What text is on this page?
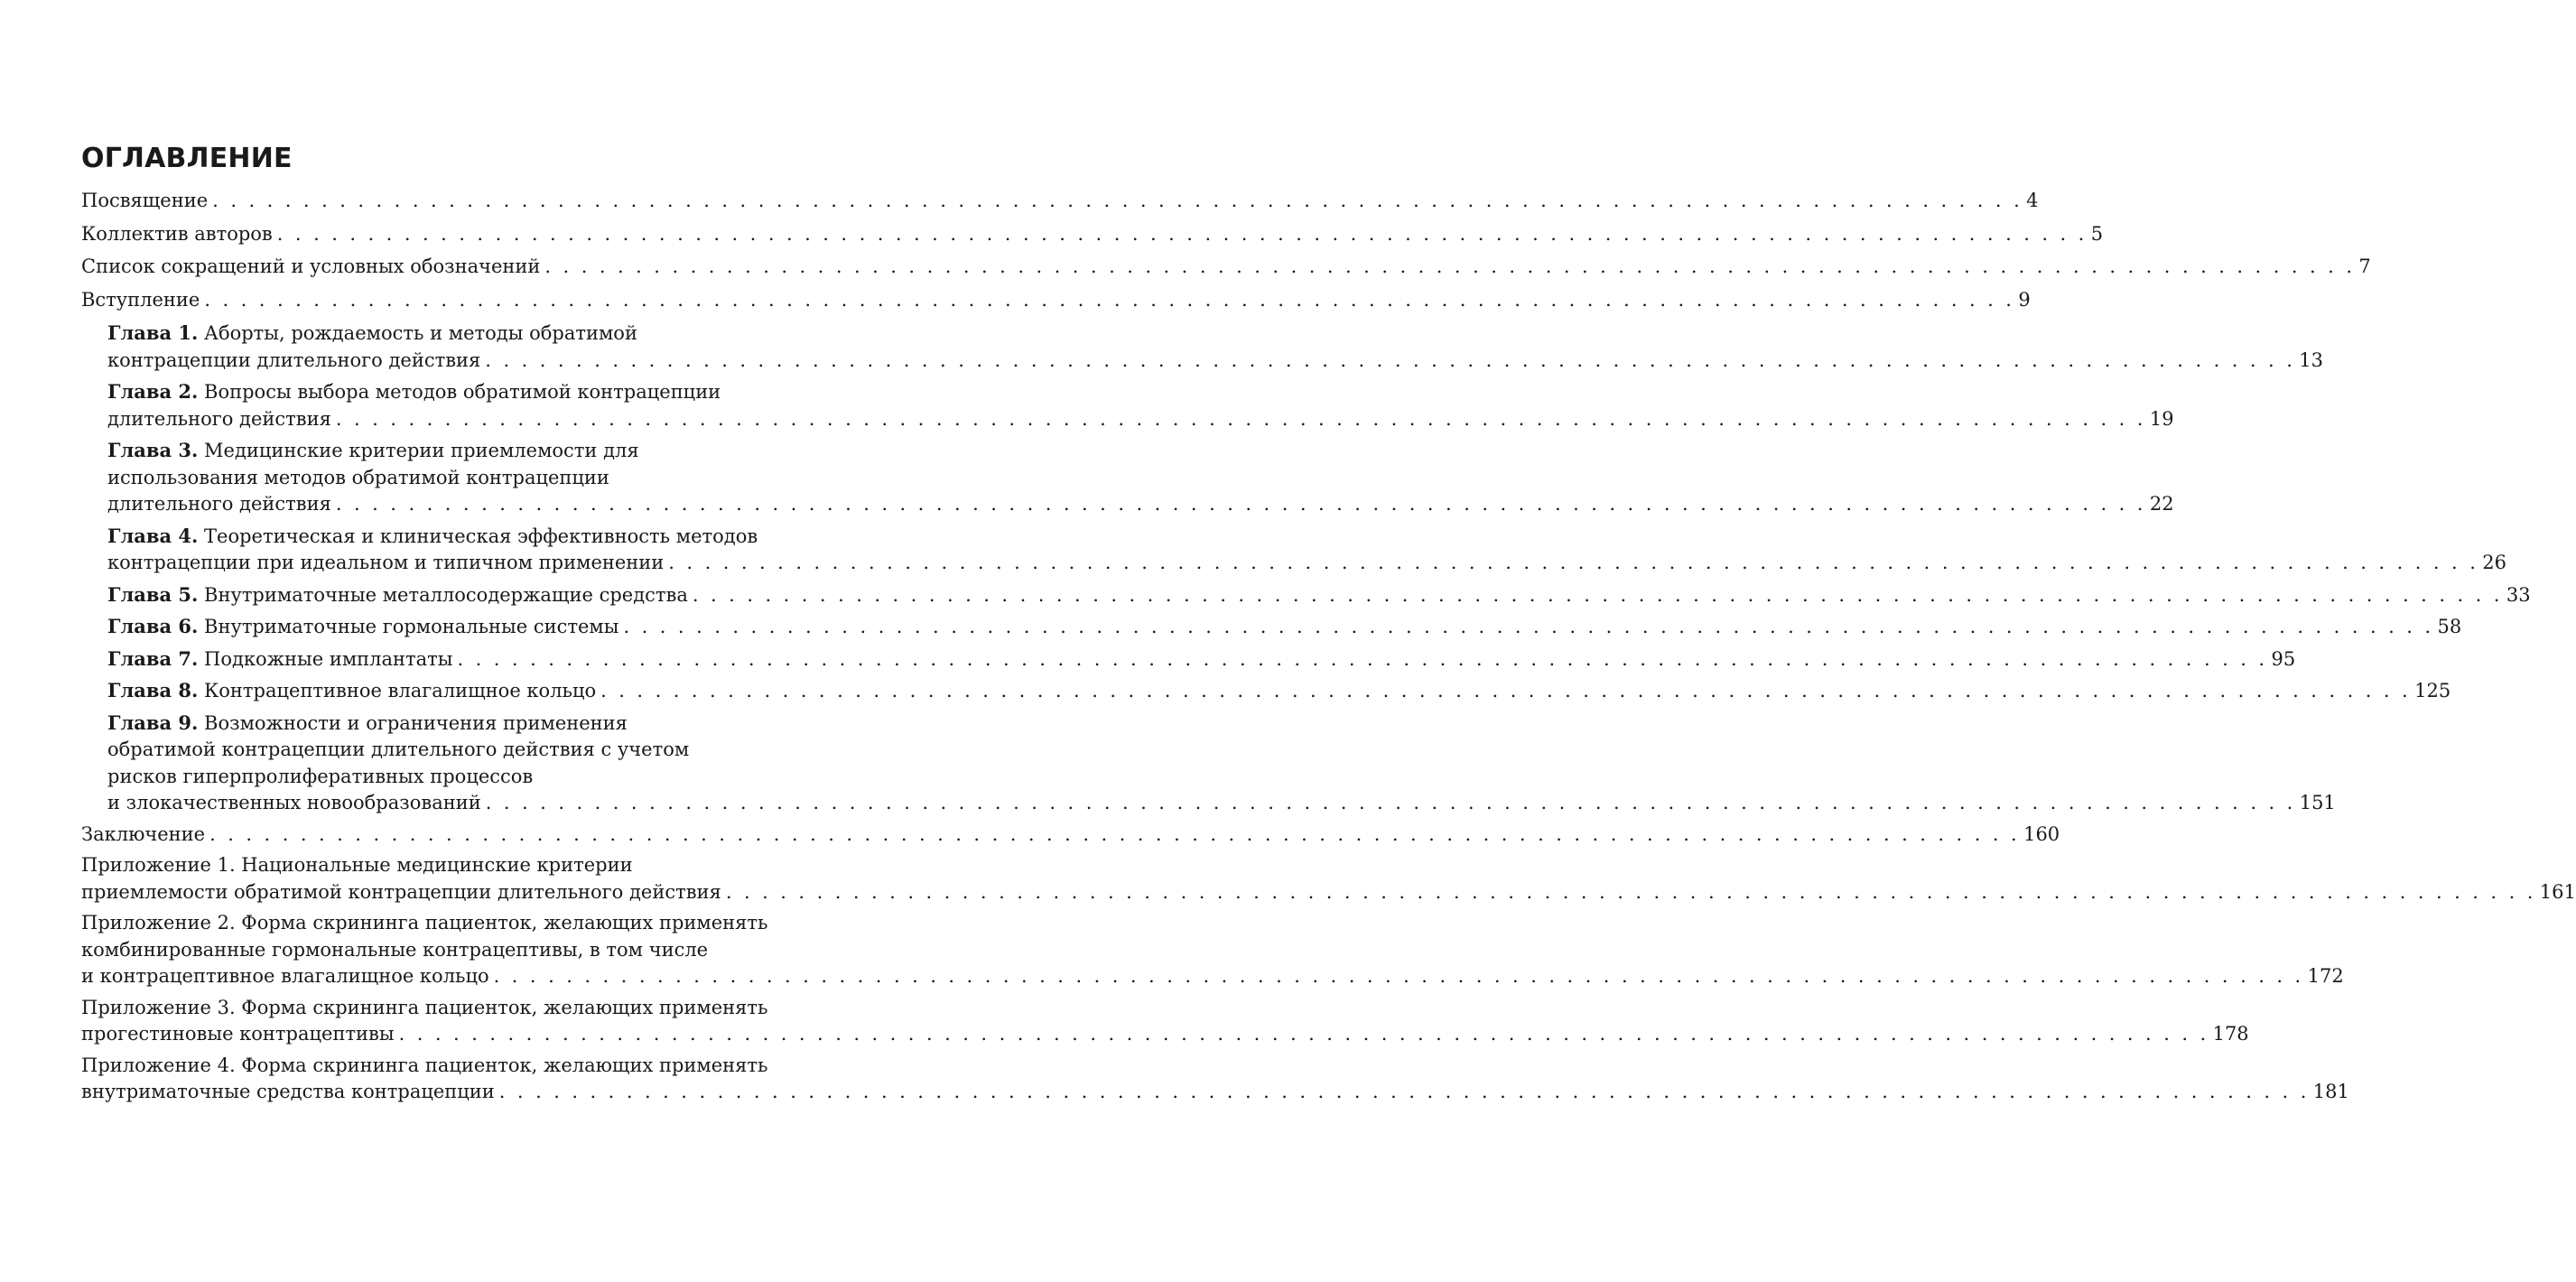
ОГЛАВЛЕНИЕ
Посвящение . . . . . . . . . . . . . . . . . . . . . . . . . . . . . . . . . . . . . . . . . . . . . . . . . . . . . . . . . . . . . . . . . . . . . . . . . . . . . . . . . . . . . . . . . . . . . . . . . . . . 4
Коллектив авторов . . . . . . . . . . . . . . . . . . . . . . . . . . . . . . . . . . . . . . . . . . . . . . . . . . . . . . . . . . . . . . . . . . . . . . . . . . . . . . . . . . . . . . . . . . . . . . . . . . . . 5
Список сокращений и условных обозначений . . . . . . . . . . . . . . . . . . . . . . . . . . . . . . . . . . . . . . . . . . . . . . . . . . . . . . . . . . . . . . . . . . . . . . . . . . . . . . . . . . . . . . . . . . . . . . . . . . . . 7
Вступление . . . . . . . . . . . . . . . . . . . . . . . . . . . . . . . . . . . . . . . . . . . . . . . . . . . . . . . . . . . . . . . . . . . . . . . . . . . . . . . . . . . . . . . . . . . . . . . . . . . . 9
Глава 1. Аборты, рождаемость и методы обратимой
контрацепции длительного действия . . . . . . . . . . . . . . . . . . . . . . . . . . . . . . . . . . . . . . . . . . . . . . . . . . . . . . . . . . . . . . . . . . . . . . . . . . . . . . . . . . . . . . . . . . . . . . . . . . . . 13
Глава 2. Вопросы выбора методов обратимой контрацепции
длительного действия . . . . . . . . . . . . . . . . . . . . . . . . . . . . . . . . . . . . . . . . . . . . . . . . . . . . . . . . . . . . . . . . . . . . . . . . . . . . . . . . . . . . . . . . . . . . . . . . . . . . 19
Глава 3. Медицинские критерии приемлемости для
использования методов обратимой контрацепции
длительного действия . . . . . . . . . . . . . . . . . . . . . . . . . . . . . . . . . . . . . . . . . . . . . . . . . . . . . . . . . . . . . . . . . . . . . . . . . . . . . . . . . . . . . . . . . . . . . . . . . . . . 22
Глава 4. Теоретическая и клиническая эффективность методов
контрацепции при идеальном и типичном применении . . . . . . . . . . . . . . . . . . . . . . . . . . . . . . . . . . . . . . . . . . . . . . . . . . . . . . . . . . . . . . . . . . . . . . . . . . . . . . . . . . . . . . . . . . . . . . . . . . . . 26
Глава 5. Внутриматочные металлосодержащие средства . . . . . . . . . . . . . . . . . . . . . . . . . . . . . . . . . . . . . . . . . . . . . . . . . . . . . . . . . . . . . . . . . . . . . . . . . . . . . . . . . . . . . . . . . . . . . . . . . . . . 33
Глава 6. Внутриматочные гормональные системы . . . . . . . . . . . . . . . . . . . . . . . . . . . . . . . . . . . . . . . . . . . . . . . . . . . . . . . . . . . . . . . . . . . . . . . . . . . . . . . . . . . . . . . . . . . . . . . . . . . . 58
Глава 7. Подкожные имплантаты . . . . . . . . . . . . . . . . . . . . . . . . . . . . . . . . . . . . . . . . . . . . . . . . . . . . . . . . . . . . . . . . . . . . . . . . . . . . . . . . . . . . . . . . . . . . . . . . . . . . 95
Глава 8. Контрацептивное влагалищное кольцо . . . . . . . . . . . . . . . . . . . . . . . . . . . . . . . . . . . . . . . . . . . . . . . . . . . . . . . . . . . . . . . . . . . . . . . . . . . . . . . . . . . . . . . . . . . . . . . . . . . . 125
Глава 9. Возможности и ограничения применения
обратимой контрацепции длительного действия с учетом
рисков гиперпролиферативных процессов
и злокачественных новообразований . . . . . . . . . . . . . . . . . . . . . . . . . . . . . . . . . . . . . . . . . . . . . . . . . . . . . . . . . . . . . . . . . . . . . . . . . . . . . . . . . . . . . . . . . . . . . . . . . . . . 151
Заключение . . . . . . . . . . . . . . . . . . . . . . . . . . . . . . . . . . . . . . . . . . . . . . . . . . . . . . . . . . . . . . . . . . . . . . . . . . . . . . . . . . . . . . . . . . . . . . . . . . . . 160
Приложение 1. Национальные медицинские критерии
приемлемости обратимой контрацепции длительного действия . . . . . . . . . . . . . . . . . . . . . . . . . . . . . . . . . . . . . . . . . . . . . . . . . . . . . . . . . . . . . . . . . . . . . . . . . . . . . . . . . . . . . . . . . . . . . . . . . . . . 161
Приложение 2. Форма скрининга пациенток, желающих применять
комбинированные гормональные контрацептивы, в том числе
и контрацептивное влагалищное кольцо . . . . . . . . . . . . . . . . . . . . . . . . . . . . . . . . . . . . . . . . . . . . . . . . . . . . . . . . . . . . . . . . . . . . . . . . . . . . . . . . . . . . . . . . . . . . . . . . . . . . 172
Приложение 3. Форма скрининга пациенток, желающих применять
прогестиновые контрацептивы . . . . . . . . . . . . . . . . . . . . . . . . . . . . . . . . . . . . . . . . . . . . . . . . . . . . . . . . . . . . . . . . . . . . . . . . . . . . . . . . . . . . . . . . . . . . . . . . . . . . 178
Приложение 4. Форма скрининга пациенток, желающих применять
внутриматочные средства контрацепции . . . . . . . . . . . . . . . . . . . . . . . . . . . . . . . . . . . . . . . . . . . . . . . . . . . . . . . . . . . . . . . . . . . . . . . . . . . . . . . . . . . . . . . . . . . . . . . . . . . . 181
